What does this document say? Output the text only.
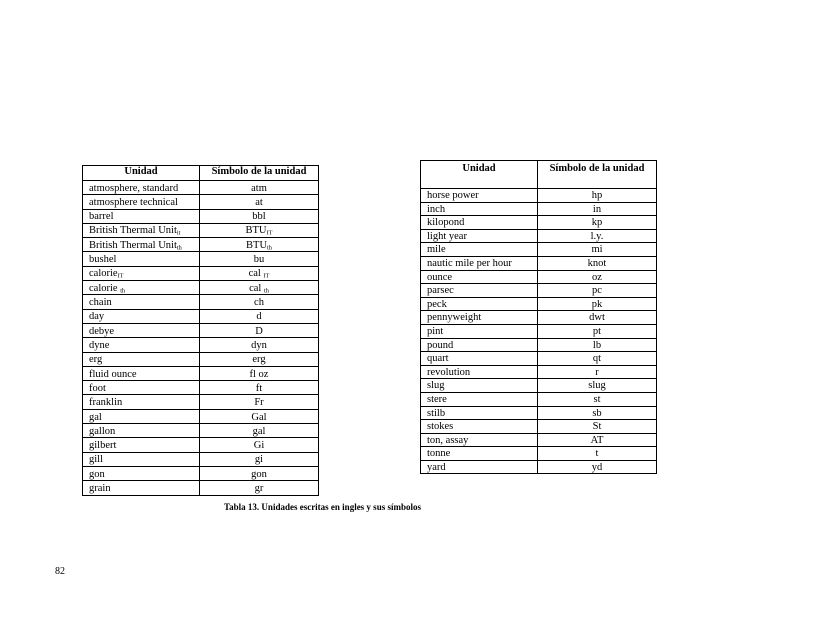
Unidad	Símbolo de la unidad
atmosphere, standard	atm
atmosphere technical	at
barrel	bbl
British Thermal Unit$_{it}$	$BTU_{IT}$
British Thermal Unit$_{th}$	$BTU_{th}$
bushel	bu
calorie$_{IT}$	cal $_{IT}$
calorie $_{th}$	cal $_{th}$
chain	ch
day	d
debye	D
dyne	dyn
erg	erg
fluid ounce	fl oz
foot	ft
franklin	Fr
gal	Gal
gallon	gal
gilbert	Gi
gill	gi
gon	gon
grain	gr
Unidad	Símbolo de la unidad
horse power	hp
inch	in
kilopond	kp
light year	l.y.
mile	mi
nautic mile per hour	knot
ounce	oz
parsec	pc
peck	pk
pennyweight	dwt
pint	pt
pound	lb
quart	qt
revolution	r
slug	slug
stere	st
stilb	sb
stokes	St
ton, assay	AT
tonne	t
yard	yd
Tabla 13. Unidades escritas en ingles y sus símbolos
82
